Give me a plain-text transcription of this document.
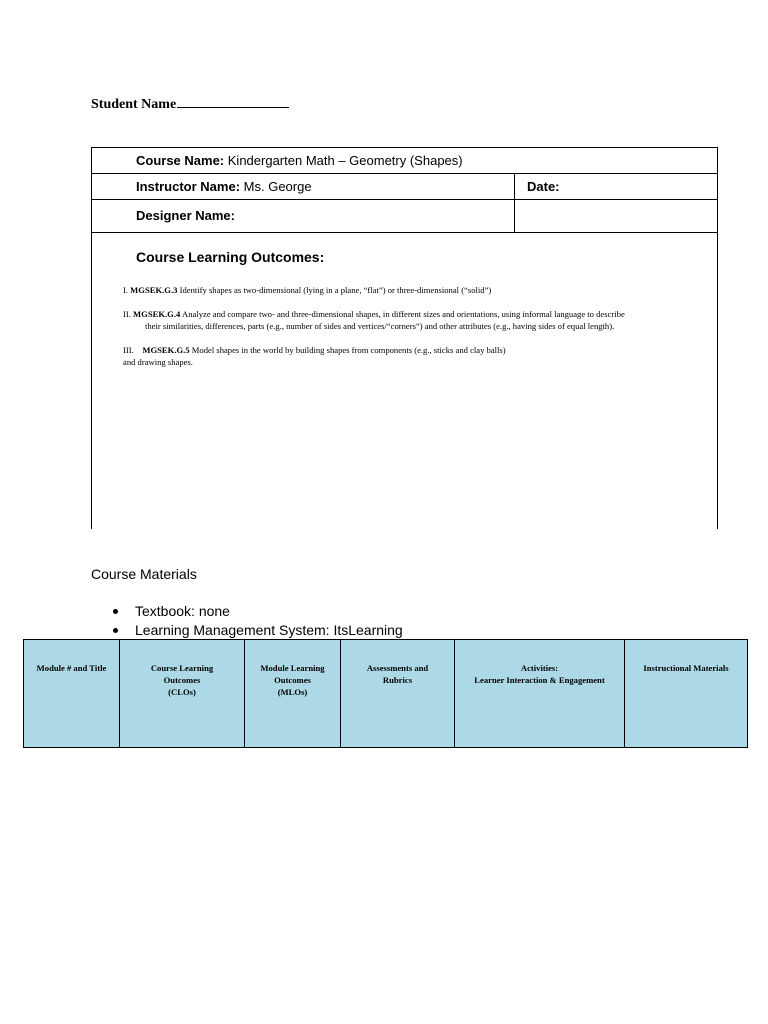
Student Name
Course Name: Kindergarten Math – Geometry (Shapes)
Instructor Name: Ms. George	Date:
Designer Name:
Course Learning Outcomes:
I. MGSEK.G.3 Identify shapes as two-dimensional (lying in a plane, “flat”) or three-dimensional (“solid”)
II. MGSEK.G.4 Analyze and compare two- and three-dimensional shapes, in different sizes and orientations, using informal language to describe
their similarities, differences, parts (e.g., number of sides and vertices/“corners”) and other attributes (e.g., having sides of equal length).
III. MGSEK.G.5 Model shapes in the world by building shapes from components (e.g., sticks and clay balls)
and drawing shapes.
Course Materials
Textbook: none
Learning Management System: ItsLearning
Module # and Title	Course Learning
Outcomes
(CLOs)	Module Learning
Outcomes
(MLOs)	Assessments and
Rubrics	Activities:
Learner Interaction & Engagement	Instructional Materials
